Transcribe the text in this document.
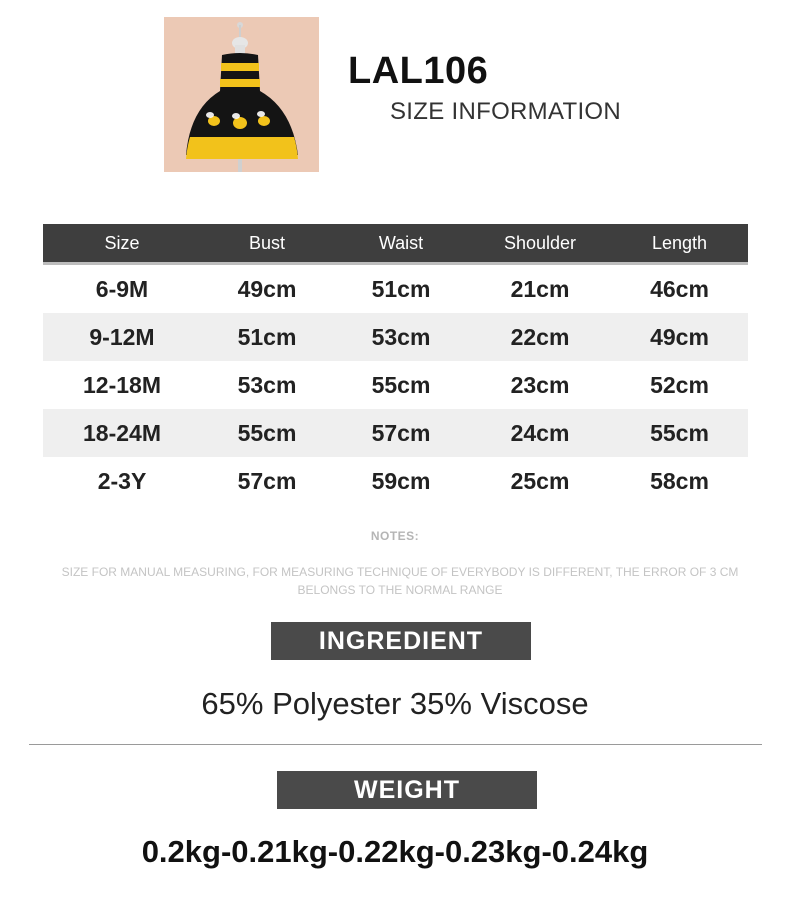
LAL106
SIZE INFORMATION
Size	Bust	Waist	Shoulder	Length
6-9M	49cm	51cm	21cm	46cm
9-12M	51cm	53cm	22cm	49cm
12-18M	53cm	55cm	23cm	52cm
18-24M	55cm	57cm	24cm	55cm
2-3Y	57cm	59cm	25cm	58cm
NOTES:
SIZE FOR MANUAL MEASURING, FOR MEASURING TECHNIQUE OF EVERYBODY IS DIFFERENT, THE ERROR OF 3 CM BELONGS TO THE NORMAL RANGE
INGREDIENT
65% Polyester 35% Viscose
WEIGHT
0.2kg-0.21kg-0.22kg-0.23kg-0.24kg
